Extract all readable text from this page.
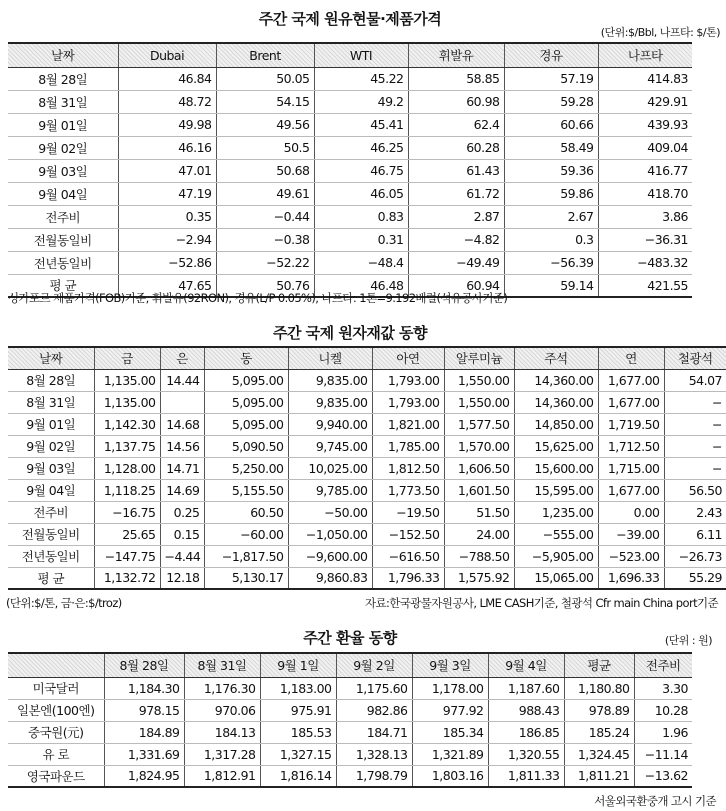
주간 국제 원유현물·제품가격
(단위:$/Bbl, 나프타: $/톤)
날짜	Dubai	Brent	WTI	휘발유	경유	나프타
8월 28일	46.84	50.05	45.22	58.85	57.19	414.83
8월 31일	48.72	54.15	49.2	60.98	59.28	429.91
9월 01일	49.98	49.56	45.41	62.4	60.66	439.93
9월 02일	46.16	50.5	46.25	60.28	58.49	409.04
9월 03일	47.01	50.68	46.75	61.43	59.36	416.77
9월 04일	47.19	49.61	46.05	61.72	59.86	418.70
전주비	0.35	−0.44	0.83	2.87	2.67	3.86
전월동일비	−2.94	−0.38	0.31	−4.82	0.3	−36.31
전년동일비	−52.86	−52.22	−48.4	−49.49	−56.39	−483.32
평 균	47.65	50.76	46.48	60.94	59.14	421.55
싱가포르 제품가격(FOB)기준, 휘발유(92RON), 경유(L/P 0.05%), 나프타: 1톤=9.192배럴(석유공사기준)
주간 국제 원자재값 동향
날짜	금	은	동	니켈	아연	알루미늄	주석	연	철광석
8월 28일	1,135.00	14.44	5,095.00	9,835.00	1,793.00	1,550.00	14,360.00	1,677.00	54.07
8월 31일	1,135.00		5,095.00	9,835.00	1,793.00	1,550.00	14,360.00	1,677.00	−
9월 01일	1,142.30	14.68	5,095.00	9,940.00	1,821.00	1,577.50	14,850.00	1,719.50	−
9월 02일	1,137.75	14.56	5,090.50	9,745.00	1,785.00	1,570.00	15,625.00	1,712.50	−
9월 03일	1,128.00	14.71	5,250.00	10,025.00	1,812.50	1,606.50	15,600.00	1,715.00	−
9월 04일	1,118.25	14.69	5,155.50	9,785.00	1,773.50	1,601.50	15,595.00	1,677.00	56.50
전주비	−16.75	0.25	60.50	−50.00	−19.50	51.50	1,235.00	0.00	2.43
전월동일비	25.65	0.15	−60.00	−1,050.00	−152.50	24.00	−555.00	−39.00	6.11
전년동일비	−147.75	−4.44	−1,817.50	−9,600.00	−616.50	−788.50	−5,905.00	−523.00	−26.73
평 균	1,132.72	12.18	5,130.17	9,860.83	1,796.33	1,575.92	15,065.00	1,696.33	55.29
(단위:$/톤, 금·은:$/troz)	자료:한국광물자원공사, LME CASH기준, 철광석 Cfr main China port기준
주간 환율 동향	(단위 : 원)
	8월 28일	8월 31일	9월 1일	9월 2일	9월 3일	9월 4일	평균	전주비
미국달러	1,184.30	1,176.30	1,183.00	1,175.60	1,178.00	1,187.60	1,180.80	3.30
일본엔(100엔)	978.15	970.06	975.91	982.86	977.92	988.43	978.89	10.28
중국원(元)	184.89	184.13	185.53	184.71	185.34	186.85	185.24	1.96
유 로	1,331.69	1,317.28	1,327.15	1,328.13	1,321.89	1,320.55	1,324.45	−11.14
영국파운드	1,824.95	1,812.91	1,816.14	1,798.79	1,803.16	1,811.33	1,811.21	−13.62
서울외국환중개 고시 기준
